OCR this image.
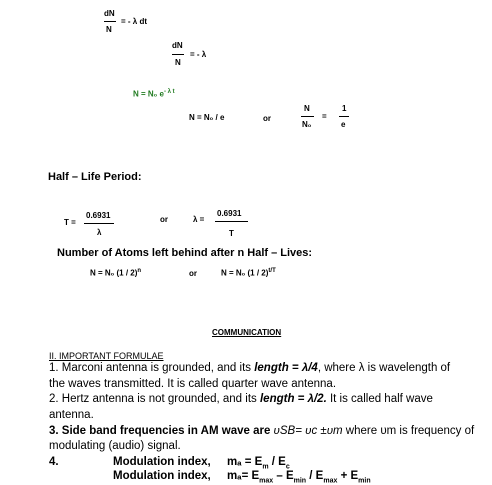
dN
N
= - λ dt
dN
N
= - λ
N = N₀ $e^{- \lambda t}$
N = N₀ / e	or
N
N₀
=
1
e
Half – Life Period:
0.6931
λ
T =	or	λ =
0.6931
T
Number of Atoms left behind after n Half – Lives:
N = N₀ (1 / 2)$^n$	or	N = N₀ (1 / 2)$^{t/T}$
COMMUNICATION
II. IMPORTANT FORMULAE
1. Marconi antenna is grounded, and its length = λ/4, where λ is wavelength of
the waves transmitted. It is called quarter wave antenna.
2. Hertz antenna is not grounded, and its length = λ/2. It is called half wave
antenna.
3. Side band frequencies in AM wave are υSB= υc ±υm where υm is frequency of
modulating (audio) signal.
4.	Modulation index, $m_a = E_m / E_c$
Modulation index, $m_a= E_{max} - E_{min} / E_{max} + E_{min}$
